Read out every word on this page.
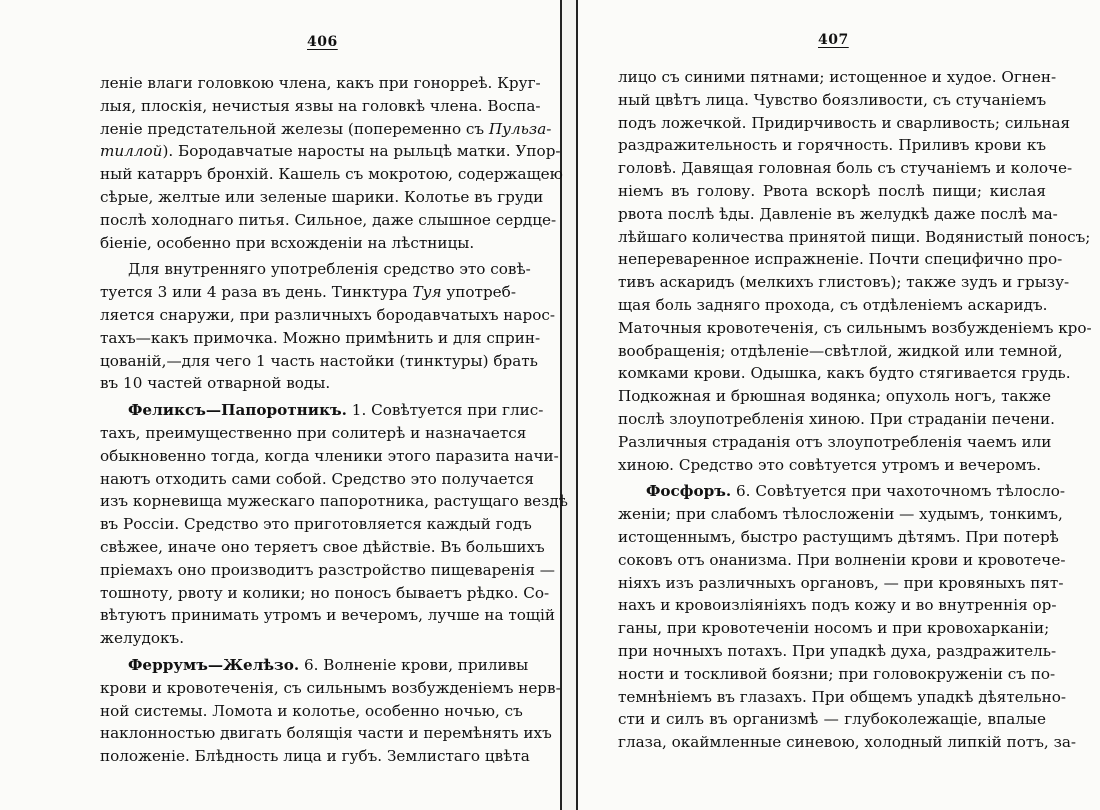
406	407
леніе влаги головкою члена, какъ при гонорреѣ. Круг-
лыя, плоскія, нечистыя язвы на головкѣ члена. Воспа-
леніе предстательной железы (попеременно съ Пульза-
тиллой). Бородавчатые наросты на рыльцѣ матки. Упор-
ный катарръ бронхій. Кашель съ мокротою, содержащею
сѣрые, желтые или зеленые шарики. Колотье въ груди
послѣ холоднаго питья. Сильное, даже слышное сердце-
біеніе, особенно при всхожденіи на лѣстницы.
Для внутренняго употребленія средство это совѣ-
туется 3 или 4 раза въ день. Тинктура Туя употреб-
ляется снаружи, при различныхъ бородавчатыхъ нарос-
тахъ—какъ примочка. Можно примѣнить и для сприн-
цованій,—для чего 1 часть настойки (тинктуры) брать
въ 10 частей отварной воды.
Феликсъ—Папоротникъ. 1. Совѣтуется при глис-
тахъ, преимущественно при солитерѣ и назначается
обыкновенно тогда, когда членики этого паразита начи-
наютъ отходить сами собой. Средство это получается
изъ корневища мужескаго папоротника, растущаго вездѣ
въ Россіи. Средство это приготовляется каждый годъ
свѣжее, иначе оно теряетъ свое дѣйствіе. Въ большихъ
пріемахъ оно производитъ разстройство пищеваренія —
тошноту, рвоту и колики; но поносъ бываетъ рѣдко. Со-
вѣтуютъ принимать утромъ и вечеромъ, лучше на тощій
желудокъ.
Феррумъ—Желѣзо. 6. Волненіе крови, приливы
крови и кровотеченія, съ сильнымъ возбужденіемъ нерв-
ной системы. Ломота и колотье, особенно ночью, съ
наклонностью двигать болящія части и перемѣнять ихъ
положеніе. Блѣдность лица и губъ. Землистаго цвѣта
лицо съ синими пятнами; истощенное и худое. Огнен-
ный цвѣтъ лица. Чувство боязливости, съ стучаніемъ
подъ ложечкой. Придирчивость и сварливость; сильная
раздражительность и горячность. Приливъ крови къ
головѣ. Давящая головная боль съ стучаніемъ и колоче-
ніемъ въ голову. Рвота вскорѣ послѣ пищи; кислая
рвота послѣ ѣды. Давленіе въ желудкѣ даже послѣ ма-
лѣйшаго количества принятой пищи. Водянистый поносъ;
непереваренное испражненіе. Почти специфично про-
тивъ аскаридъ (мелкихъ глистовъ); также зудъ и грызу-
щая боль задняго прохода, съ отдѣленіемъ аскаридъ.
Маточныя кровотеченія, съ сильнымъ возбужденіемъ кро-
вообращенія; отдѣленіе—свѣтлой, жидкой или темной,
комками крови. Одышка, какъ будто стягивается грудь.
Подкожная и брюшная водянка; опухоль ногъ, также
послѣ злоупотребленія хиною. При страданіи печени.
Различныя страданія отъ злоупотребленія чаемъ или
хиною. Средство это совѣтуется утромъ и вечеромъ.
Фосфоръ. 6. Совѣтуется при чахоточномъ тѣлосло-
женіи; при слабомъ тѣлосложеніи — худымъ, тонкимъ,
истощеннымъ, быстро растущимъ дѣтямъ. При потерѣ
соковъ отъ онанизма. При волненіи крови и кровотече-
ніяхъ изъ различныхъ органовъ, — при кровяныхъ пят-
нахъ и кровоизліяніяхъ подъ кожу и во внутреннія ор-
ганы, при кровотеченіи носомъ и при кровохарканіи;
при ночныхъ потахъ. При упадкѣ духа, раздражитель-
ности и тоскливой боязни; при головокруженіи съ по-
темнѣніемъ въ глазахъ. При общемъ упадкѣ дѣятельно-
сти и силъ въ организмѣ — глубоколежащіе, впалые
глаза, окаймленные синевою, холодный липкій потъ, за-
